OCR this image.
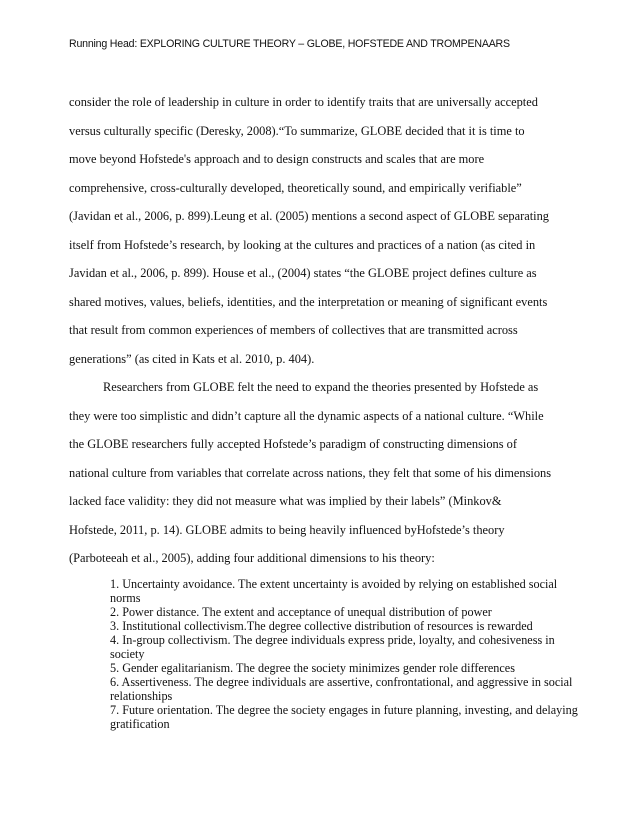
Running Head: EXPLORING CULTURE THEORY – GLOBE, HOFSTEDE AND TROMPENAARS
consider the role of leadership in culture in order to identify traits that are universally accepted
versus culturally specific (Deresky, 2008).“To summarize, GLOBE decided that it is time to
move beyond Hofstede's approach and to design constructs and scales that are more
comprehensive, cross-culturally developed, theoretically sound, and empirically verifiable”
(Javidan et al., 2006, p. 899).Leung et al. (2005) mentions a second aspect of GLOBE separating
itself from Hofstede’s research, by looking at the cultures and practices of a nation (as cited in
Javidan et al., 2006, p. 899). House et al., (2004) states “the GLOBE project defines culture as
shared motives, values, beliefs, identities, and the interpretation or meaning of significant events
that result from common experiences of members of collectives that are transmitted across
generations” (as cited in Kats et al. 2010, p. 404).
Researchers from GLOBE felt the need to expand the theories presented by Hofstede as
they were too simplistic and didn’t capture all the dynamic aspects of a national culture. “While
the GLOBE researchers fully accepted Hofstede’s paradigm of constructing dimensions of
national culture from variables that correlate across nations, they felt that some of his dimensions
lacked face validity: they did not measure what was implied by their labels” (Minkov&
Hofstede, 2011, p. 14). GLOBE admits to being heavily influenced byHofstede’s theory
(Parboteeah et al., 2005), adding four additional dimensions to his theory:

1. Uncertainty avoidance. The extent uncertainty is avoided by relying on established social norms

2. Power distance. The extent and acceptance of unequal distribution of power

3. Institutional collectivism.The degree collective distribution of resources is rewarded

4. In-group collectivism. The degree individuals express pride, loyalty, and cohesiveness in society

5. Gender egalitarianism. The degree the society minimizes gender role differences

6. Assertiveness. The degree individuals are assertive, confrontational, and aggressive in social relationships

7. Future orientation. The degree the society engages in future planning, investing, and delaying gratification
